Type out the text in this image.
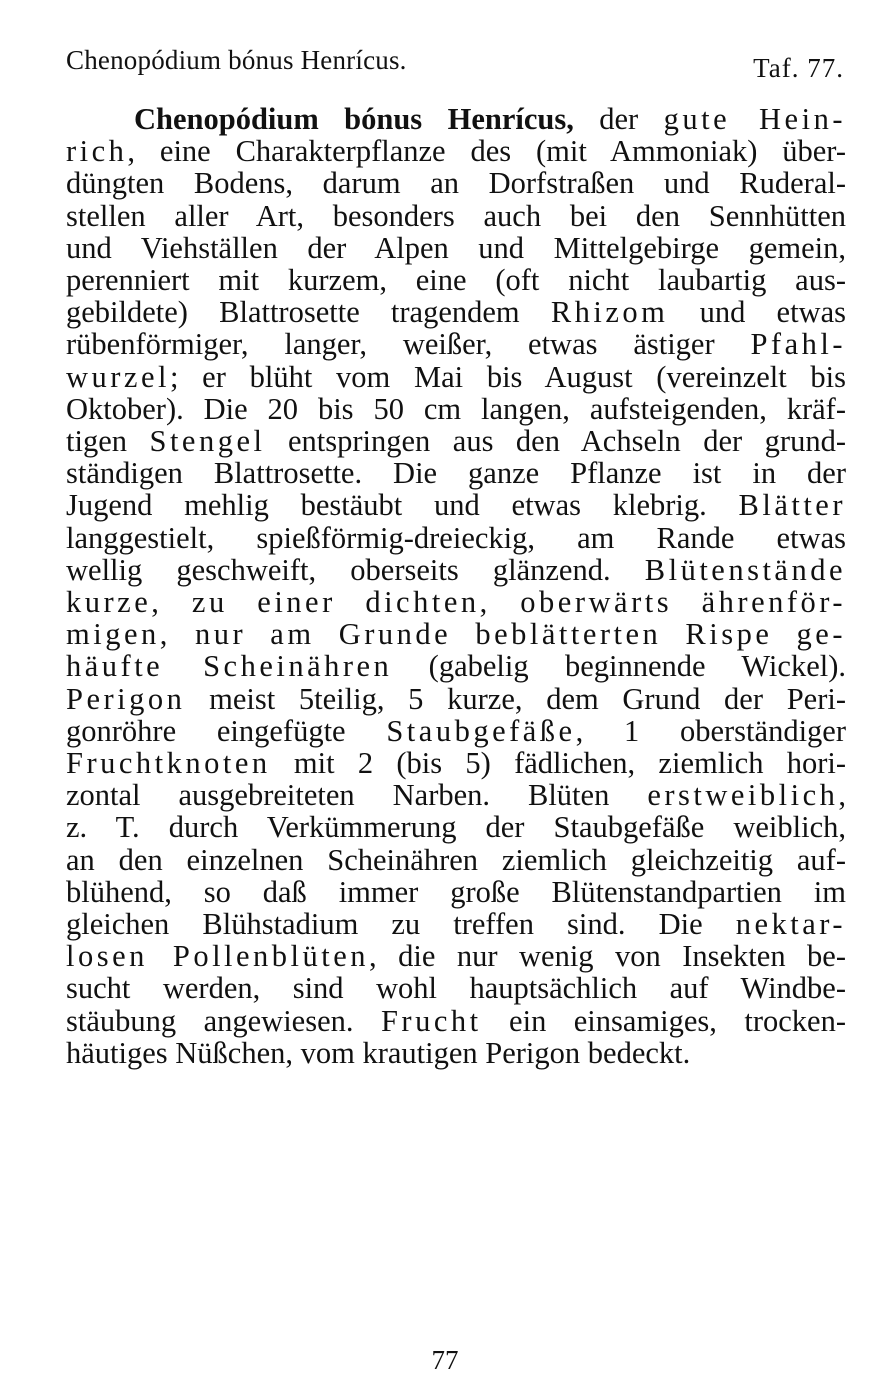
Chenopódium bónus Henrícus.	Taf. 77.
Chenopódium bónus Henrícus, der gute Hein-
rich, eine Charakterpflanze des (mit Ammoniak) über-
düngten Bodens, darum an Dorfstraßen und Ruderal-
stellen aller Art, besonders auch bei den Sennhütten
und Viehställen der Alpen und Mittelgebirge gemein,
perenniert mit kurzem, eine (oft nicht laubartig aus-
gebildete) Blattrosette tragendem Rhizom und etwas
rübenförmiger, langer, weißer, etwas ästiger Pfahl-
wurzel; er blüht vom Mai bis August (vereinzelt bis
Oktober). Die 20 bis 50 cm langen, aufsteigenden, kräf-
tigen Stengel entspringen aus den Achseln der grund-
ständigen Blattrosette. Die ganze Pflanze ist in der
Jugend mehlig bestäubt und etwas klebrig. Blätter
langgestielt, spießförmig-dreieckig, am Rande etwas
wellig geschweift, oberseits glänzend. Blütenstände
kurze, zu einer dichten, oberwärts ährenför-
migen, nur am Grunde beblätterten Rispe ge-
häufte Scheinähren (gabelig beginnende Wickel).
Perigon meist 5teilig, 5 kurze, dem Grund der Peri-
gonröhre eingefügte Staubgefäße, 1 oberständiger
Fruchtknoten mit 2 (bis 5) fädlichen, ziemlich hori-
zontal ausgebreiteten Narben. Blüten erstweiblich,
z. T. durch Verkümmerung der Staubgefäße weiblich,
an den einzelnen Scheinähren ziemlich gleichzeitig auf-
blühend, so daß immer große Blütenstandpartien im
gleichen Blühstadium zu treffen sind. Die nektar-
losen Pollenblüten, die nur wenig von Insekten be-
sucht werden, sind wohl hauptsächlich auf Windbe-
stäubung angewiesen. Frucht ein einsamiges, trocken-
häutiges Nüßchen, vom krautigen Perigon bedeckt.
77
